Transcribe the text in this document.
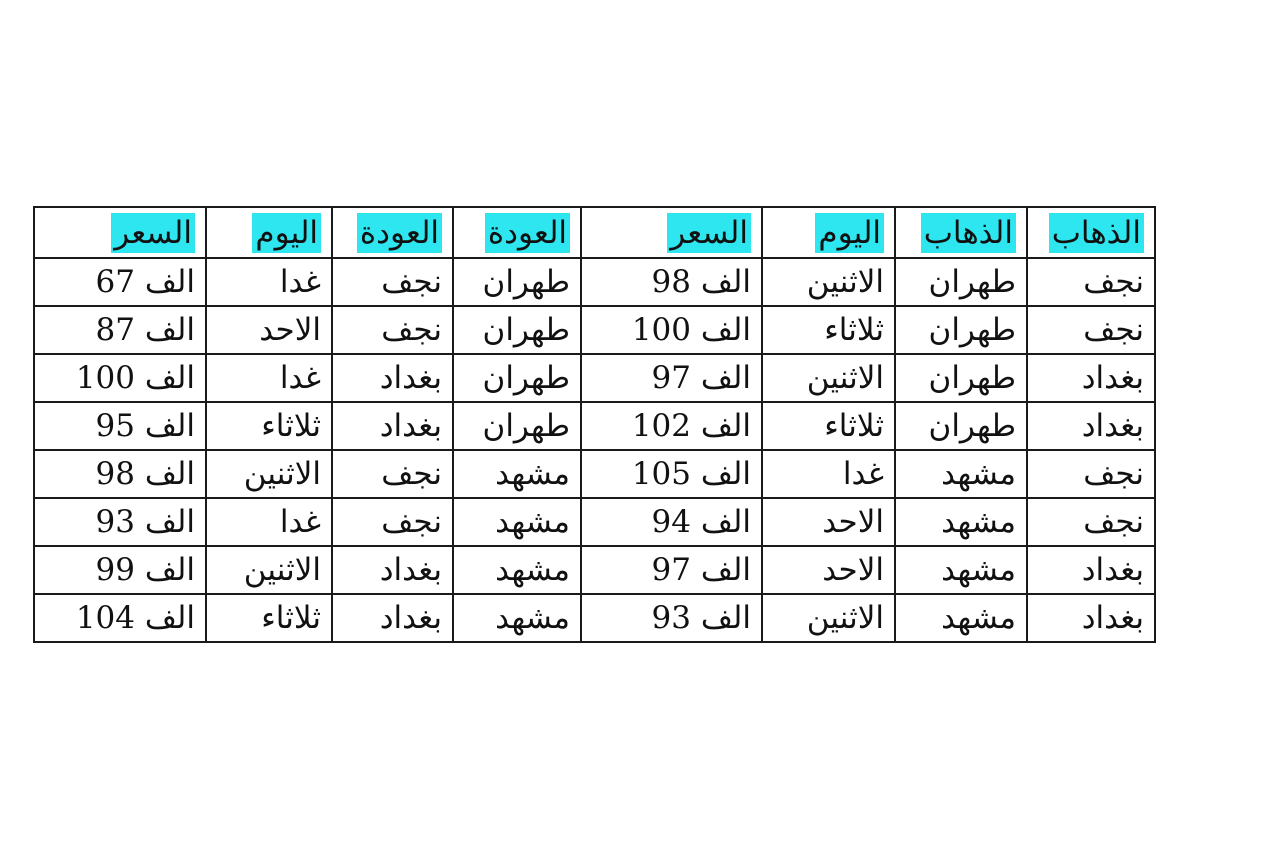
الذهاب	الذهاب	اليوم	السعر	العودة	العودة	اليوم	السعر
نجف	طهران	الاثنين	الف 98	طهران	نجف	غدا	الف 67
نجف	طهران	ثلاثاء	الف 100	طهران	نجف	الاحد	الف 87
بغداد	طهران	الاثنين	الف 97	طهران	بغداد	غدا	الف 100
بغداد	طهران	ثلاثاء	الف 102	طهران	بغداد	ثلاثاء	الف 95
نجف	مشهد	غدا	الف 105	مشهد	نجف	الاثنين	الف 98
نجف	مشهد	الاحد	الف 94	مشهد	نجف	غدا	الف 93
بغداد	مشهد	الاحد	الف 97	مشهد	بغداد	الاثنين	الف 99
بغداد	مشهد	الاثنين	الف 93	مشهد	بغداد	ثلاثاء	الف 104
